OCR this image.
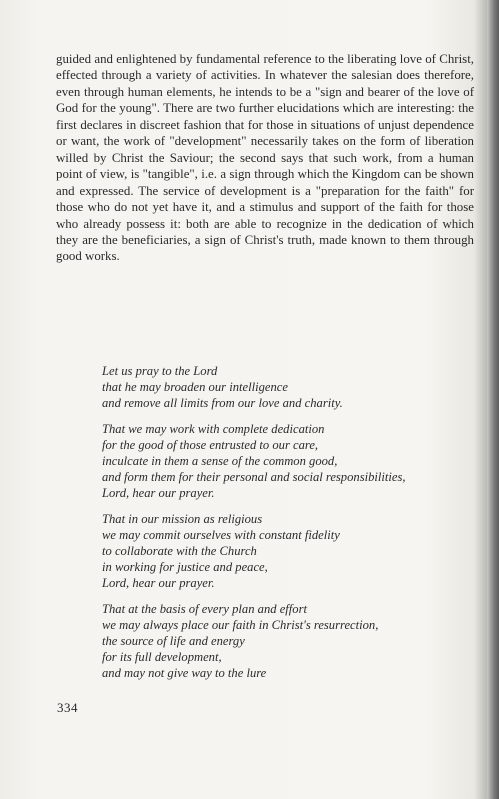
guided and enlightened by fundamental reference to the liberating love of Christ, effected through a variety of activities. In whatever the salesian does therefore, even through human elements, he intends to be a "sign and bearer of the love of God for the young". There are two further elucidations which are interesting: the first declares in discreet fashion that for those in situations of unjust dependence or want, the work of "development" necessarily takes on the form of liberation willed by Christ the Saviour; the second says that such work, from a human point of view, is "tangible", i.e. a sign through which the Kingdom can be shown and expressed. The service of development is a "preparation for the faith" for those who do not yet have it, and a stimulus and support of the faith for those who already possess it: both are able to recognize in the dedication of which they are the beneficiaries, a sign of Christ's truth, made known to them through good works.

Let us pray to the Lord
that he may broaden our intelligence
and remove all limits from our love and charity.
That we may work with complete dedication
for the good of those entrusted to our care,
inculcate in them a sense of the common good,
and form them for their personal and social responsibilities,
Lord, hear our prayer.
That in our mission as religious
we may commit ourselves with constant fidelity
to collaborate with the Church
in working for justice and peace,
Lord, hear our prayer.
That at the basis of every plan and effort
we may always place our faith in Christ's resurrection,
the source of life and energy
for its full development,
and may not give way to the lure
334
